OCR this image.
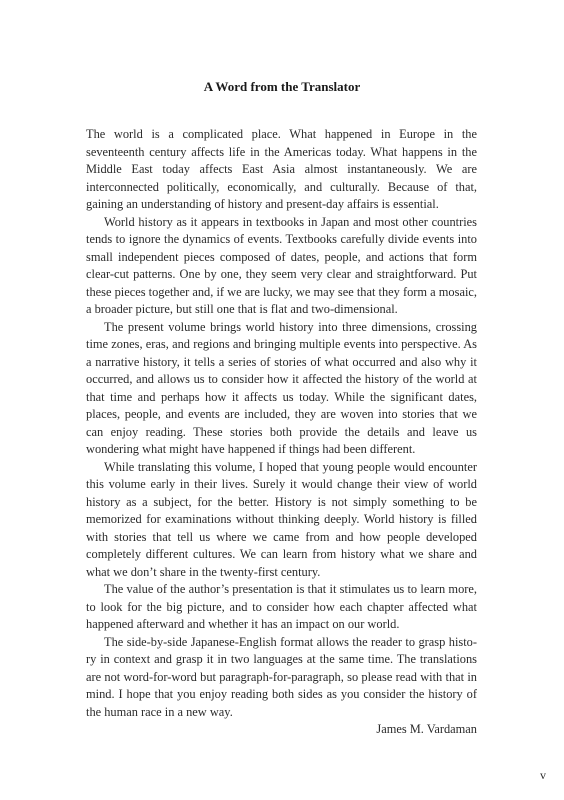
A Word from the Translator

The world is a complicated place. What happened in Europe in the seventeenth century affects life in the Americas today. What happens in the Middle East today affects East Asia almost instantaneously. We are interconnected politically, economically, and culturally. Because of that, gaining an understanding of history and present-day affairs is essential.

World history as it appears in textbooks in Japan and most other countries tends to ignore the dynamics of events. Textbooks carefully divide events into small independent pieces composed of dates, people, and actions that form clear-cut patterns. One by one, they seem very clear and straightforward. Put these pieces together and, if we are lucky, we may see that they form a mosaic, a broader picture, but still one that is flat and two-dimensional.

The present volume brings world history into three dimensions, crossing time zones, eras, and regions and bringing multiple events into perspective. As a narrative history, it tells a series of stories of what occurred and also why it occurred, and allows us to consider how it affected the history of the world at that time and perhaps how it affects us today. While the significant dates, places, people, and events are included, they are woven into stories that we can enjoy reading. These stories both provide the details and leave us wondering what might have happened if things had been different.

While translating this volume, I hoped that young people would encounter this volume early in their lives. Surely it would change their view of world history as a subject, for the better. History is not simply something to be memorized for examinations without thinking deeply. World history is filled with stories that tell us where we came from and how people developed completely different cultures. We can learn from history what we share and what we don’t share in the twenty-first century.

The value of the author’s presentation is that it stimulates us to learn more, to look for the big picture, and to consider how each chapter affected what happened afterward and whether it has an impact on our world.

The side-by-side Japanese-English format allows the reader to grasp history in context and grasp it in two languages at the same time. The translations are not word-for-word but paragraph-for-paragraph, so please read with that in mind. I hope that you enjoy reading both sides as you consider the history of the human race in a new way.

James M. Vardaman

v
